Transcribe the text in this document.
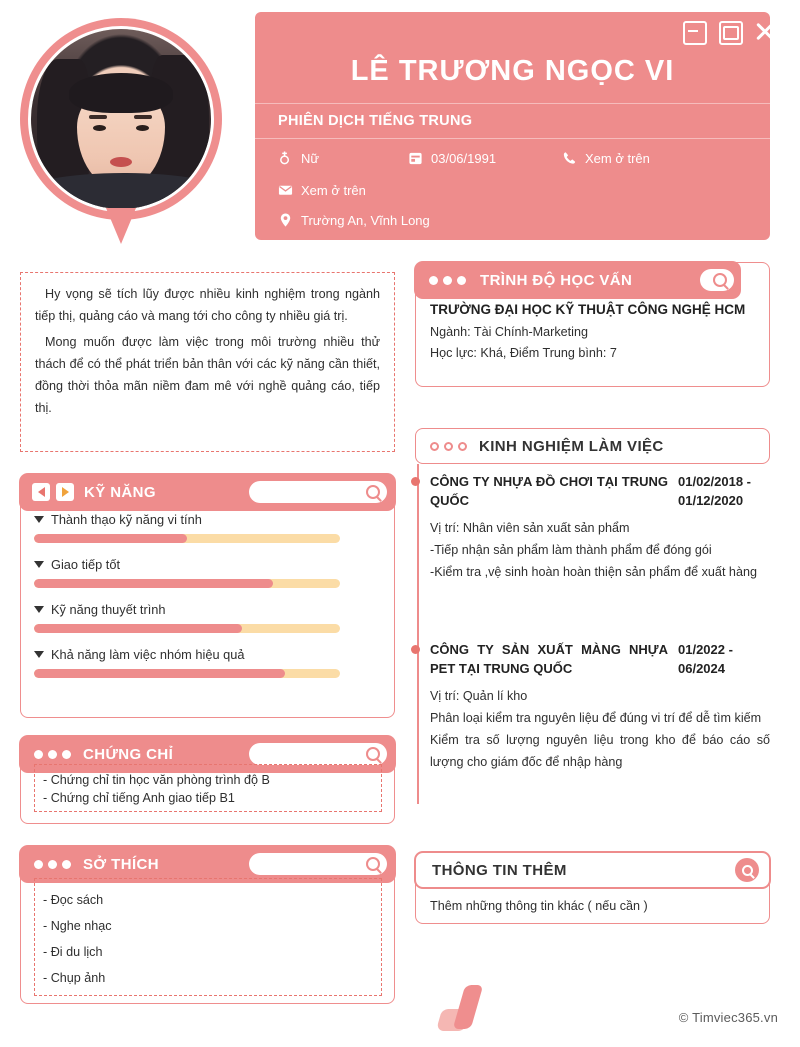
LÊ TRƯƠNG NGỌC VI
PHIÊN DỊCH TIẾNG TRUNG
Nữ	03/06/1991	Xem ở trên
Xem ở trên
Trường An, Vĩnh Long

Hy vọng sẽ tích lũy được nhiều kinh nghiệm trong ngành tiếp thị, quảng cáo và mang tới cho công ty nhiều giá trị.

Mong muốn được làm việc trong môi trường nhiều thử thách để có thể phát triển bản thân với các kỹ năng cần thiết, đồng thời thỏa mãn niềm đam mê với nghề quảng cáo, tiếp thị.

TRÌNH ĐỘ HỌC VẤN
TRƯỜNG ĐẠI HỌC KỸ THUẬT CÔNG NGHỆ HCM
Ngành: Tài Chính-Marketing
Học lực: Khá, Điểm Trung bình: 7
KINH NGHIỆM LÀM VIỆC
CÔNG TY NHỰA ĐỒ CHƠI TẠI TRUNG QUỐC
01/02/2018 - 01/12/2020
Vị trí: Nhân viên sản xuất sản phẩm
-Tiếp nhận sản phẩm làm thành phẩm để đóng gói
-Kiểm tra ,vệ sinh hoàn hoàn thiện sản phẩm để xuất hàng
CÔNG TY SẢN XUẤT MÀNG NHỰA PET TẠI TRUNG QUỐC
01/2022 - 06/2024
Vị trí: Quản lí kho
Phân loại kiểm tra nguyên liệu để đúng vi trí để dễ tìm kiếm
Kiểm tra số lượng nguyên liệu trong kho để báo cáo số lượng cho giám đốc để nhập hàng
THÔNG TIN THÊM
Thêm những thông tin khác ( nếu cần )
KỸ NĂNG
Thành thạo kỹ năng vi tính
Giao tiếp tốt
Kỹ năng thuyết trình
Khả năng làm việc nhóm hiệu quả
CHỨNG CHỈ
- Chứng chỉ tin học văn phòng trình độ B
- Chứng chỉ tiếng Anh giao tiếp B1
SỞ THÍCH
- Đọc sách
- Nghe nhạc
- Đi du lịch
- Chụp ảnh
© Timviec365.vn
